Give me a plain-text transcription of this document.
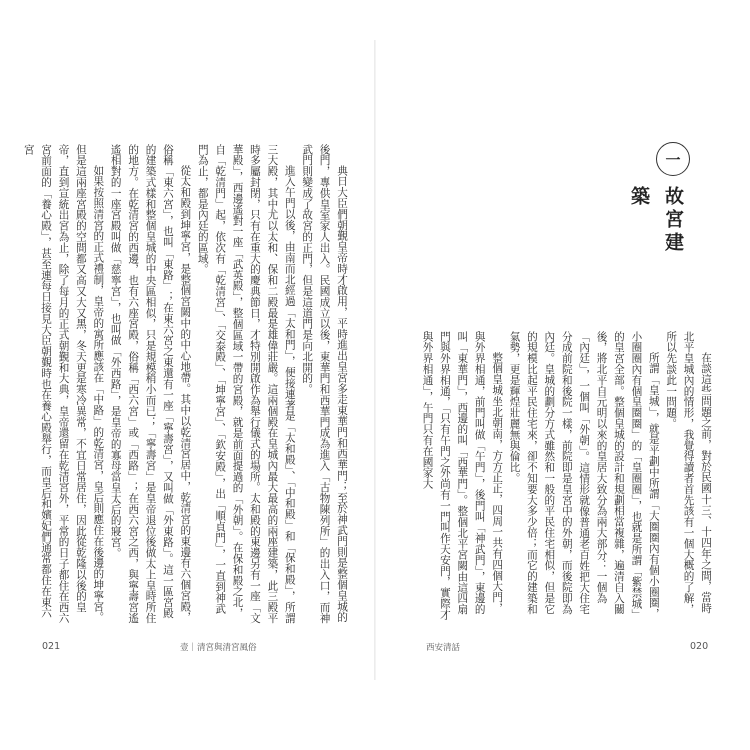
典日大臣們朝覲皇帝時才啟用，平時進出皇宮多走東華門和西華門；至於神武門則是整個皇城的後門，專供皇室家人出入。民國成立以後，東華門和西華門成為進入「古物陳列所」的出入口，而神武門則變成了故宮的正門，但是這道門是向北開的。

進入午門以後，由南而北經過「太和門」，便接連著是「太和殿」、「中和殿」和「保和殿」，所謂三大殿，其中尤以太和、保和二殿最是雄偉莊嚴。這兩個殿在皇城內最大最高的兩座建築，此三殿平時多屬封閉，只有在重大的慶典節日，才特別開啟作為舉行儀式的場所。太和殿的東邊另有一座「文華殿」，西邊遙對一座「武英殿」，整個區域一帶的宮殿，就是前面提過的「外朝」。在保和殿之北，自「乾清門」起，依次有「乾清宮」、「交泰殿」、「坤寧宮」、「欽安殿」，出「順貞門」，一直到神武門為止，都是內廷的區域。

從太和殿到坤寧宮，是整個宮闕中的中心地帶。其中以乾清宮居中，乾清宮的東邊有六個宮殿，俗稱「東六宮」，也叫「東路」；在東六宮之東還有一座「寧壽宮」，又叫做「外東路」。這一區宮殿的建築式樣和整個皇城的中央區相似，只是規模稍小而已；「寧壽宮」是皇帝退位後做太上皇時所住的地方。在乾清宮的西邊，也有六座宮殿，俗稱「西六宮」或「西路」；在西六宮之西，與寧壽宮遙遙相對的一座宮殿叫做「慈寧宮」，也叫做「外西路」，是皇帝的寡母當皇太后的寢宮。

如果按照清宮的正式禮制，皇帝的寓所應該在「中路」的乾清宮，皇后則應住在後邊的坤寧宮。但是這兩座宮殿的空間都又高又大又黑，冬天更是寒冷異常，不宜日常居住，因此從乾隆以後的皇帝，直到宣統出宮為止，除了每月的正式朝覲和大典，皇帝還留在乾清宮外，平常的日子都住在西六宮前面的「養心殿」，甚至連每日接見大臣朝覲時也在養心殿舉行，而皇后和嬪妃們通常都住在東六宮

一
故宮建築

在談這些問題之前，對於民國十三、十四年之間，當時北平皇城內的情形，我覺得讀者首先該有一個大概的了解，所以先談此一問題。

所謂「皇城」，就是平劃中所謂「大圈圈內有個小圈圈，小圈圈內有個皇圈圈」的「皇圈圈」，也就是所謂「紫禁城」的皇宮全部。整個皇城的設計和規劃相當複雜，遍清自入關後，將北平自元明以來的皇居大致分為兩大部分：一個為「內廷」，一個叫「外朝」。這情形就像普通老百姓把大住宅分成前院和後院一樣，前院即是皇宮中的外朝，而後院即為內廷。皇城的劃分方式雖然和一般的平民住宅相似，但是它的規模比起平民住宅來，卻不知要大多少倍；而它的建築和氣勢，更是輝煌壯麗無與倫比。

整個皇城坐北朝南，方方正正，四周一共有四個大門，與外界相通，前門叫做「午門」，後門叫「神武門」，東邊的叫「東華門」，西邊的叫「西華門」。整個北平宮闕由這四扇門與外界相通，「只有午門之外尚有一門叫作天安門，實際才與外界相通」，午門只有在國家大

021	壹｜清宮與清宮風俗	西安清話	020
